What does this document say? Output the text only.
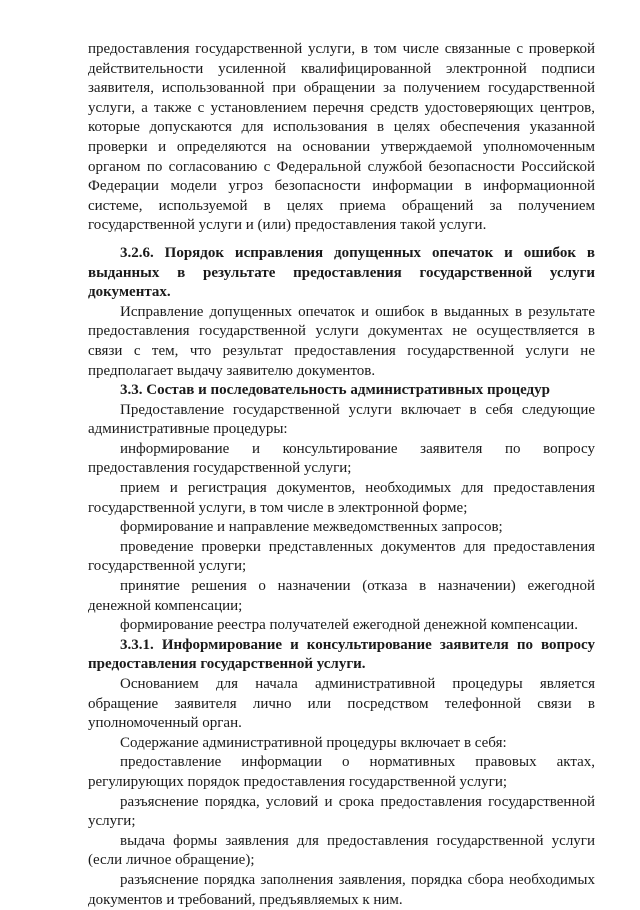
предоставления государственной услуги, в том числе связанные с проверкой действительности усиленной квалифицированной электронной подписи заявителя, использованной при обращении за получением государственной услуги, а также с установлением перечня средств удостоверяющих центров, которые допускаются для использования в целях обеспечения указанной проверки и определяются на основании утверждаемой уполномоченным органом по согласованию с Федеральной службой безопасности Российской Федерации модели угроз безопасности информации в информационной системе, используемой в целях приема обращений за получением государственной услуги и (или) предоставления такой услуги.

3.2.6. Порядок исправления допущенных опечаток и ошибок в выданных в результате предоставления государственной услуги документах.

Исправление допущенных опечаток и ошибок в выданных в результате предоставления государственной услуги документах не осуществляется в связи с тем, что результат предоставления государственной услуги не предполагает выдачу заявителю документов.

3.3. Состав и последовательность административных процедур

Предоставление государственной услуги включает в себя следующие административные процедуры:

информирование и консультирование заявителя по вопросу предоставления государственной услуги;

прием и регистрация документов, необходимых для предоставления государственной услуги, в том числе в электронной форме;

формирование и направление межведомственных запросов;

проведение проверки представленных документов для предоставления государственной услуги;

принятие решения о назначении (отказа в назначении) ежегодной денежной компенсации;

формирование реестра получателей ежегодной денежной компенсации.

3.3.1. Информирование и консультирование заявителя по вопросу предоставления государственной услуги.

Основанием для начала административной процедуры является обращение заявителя лично или посредством телефонной связи в уполномоченный орган.

Содержание административной процедуры включает в себя:

предоставление информации о нормативных правовых актах, регулирующих порядок предоставления государственной услуги;

разъяснение порядка, условий и срока предоставления государственной услуги;

выдача формы заявления для предоставления государственной услуги (если личное обращение);

разъяснение порядка заполнения заявления, порядка сбора необходимых документов и требований, предъявляемых к ним.
